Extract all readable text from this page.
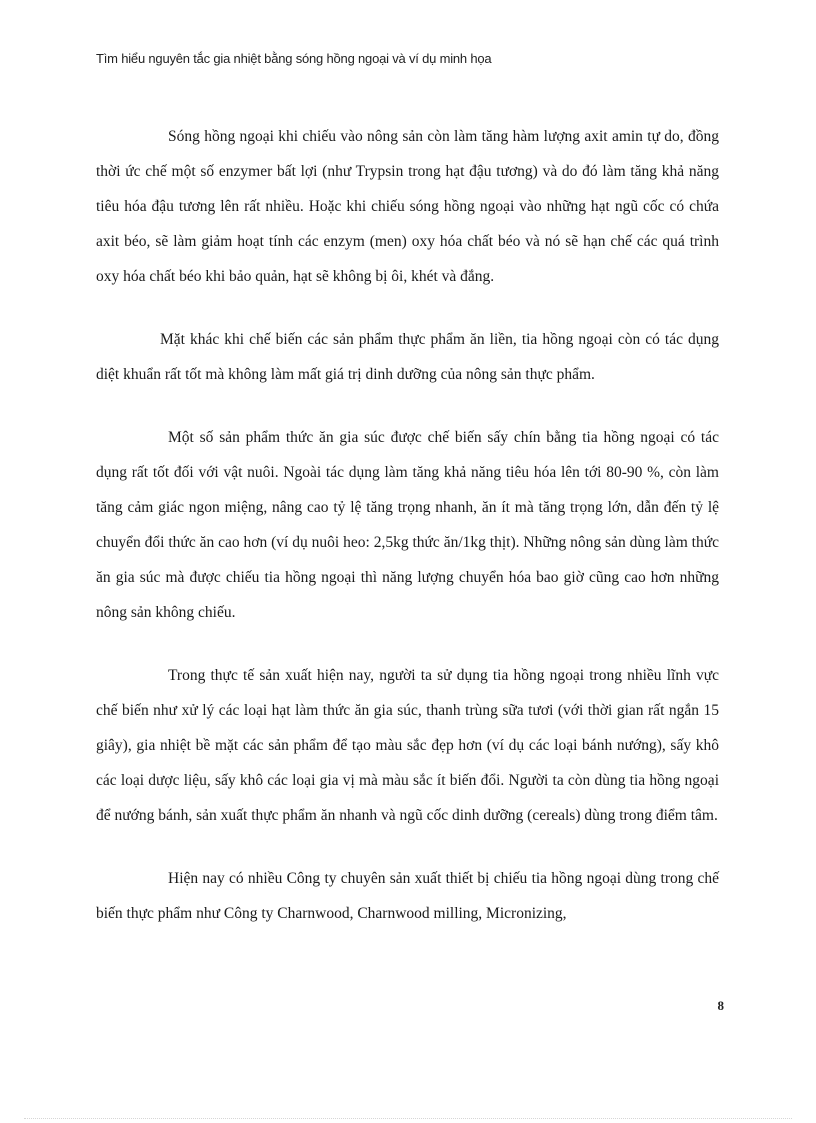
Tìm hiểu nguyên tắc gia nhiệt bằng sóng hồng ngoại và ví dụ minh họa

Sóng hồng ngoại khi chiếu vào nông sản còn làm tăng hàm lượng axit amin tự do, đồng thời ức chế một số enzymer bất lợi (như Trypsin trong hạt đậu tương) và do đó làm tăng khả năng tiêu hóa đậu tương lên rất nhiều. Hoặc khi chiếu sóng hồng ngoại vào những hạt ngũ cốc có chứa axit béo, sẽ làm giảm hoạt tính các enzym (men) oxy hóa chất béo và nó sẽ hạn chế các quá trình oxy hóa chất béo khi bảo quản, hạt sẽ không bị ôi, khét và đắng.

Mặt khác khi chế biến các sản phẩm thực phẩm ăn liền, tia hồng ngoại còn có tác dụng diệt khuẩn rất tốt mà không làm mất giá trị dinh dưỡng của nông sản thực phẩm.

Một số sản phẩm thức ăn gia súc được chế biến sấy chín bằng tia hồng ngoại có tác dụng rất tốt đối với vật nuôi. Ngoài tác dụng làm tăng khả năng tiêu hóa lên tới 80-90 %, còn làm tăng cảm giác ngon miệng, nâng cao tỷ lệ tăng trọng nhanh, ăn ít mà tăng trọng lớn, dẫn đến tỷ lệ chuyển đổi thức ăn cao hơn (ví dụ nuôi heo: 2,5kg thức ăn/1kg thịt). Những nông sản dùng làm thức ăn gia súc mà được chiếu tia hồng ngoại thì năng lượng chuyển hóa bao giờ cũng cao hơn những nông sản không chiếu.

Trong thực tế sản xuất hiện nay, người ta sử dụng tia hồng ngoại trong nhiều lĩnh vực chế biến như xử lý các loại hạt làm thức ăn gia súc, thanh trùng sữa tươi (với thời gian rất ngắn 15 giây), gia nhiệt bề mặt các sản phẩm để tạo màu sắc đẹp hơn (ví dụ các loại bánh nướng), sấy khô các loại dược liệu, sấy khô các loại gia vị mà màu sắc ít biến đổi. Người ta còn dùng tia hồng ngoại để nướng bánh, sản xuất thực phẩm ăn nhanh và ngũ cốc dinh dưỡng (cereals) dùng trong điểm tâm.

Hiện nay có nhiều Công ty chuyên sản xuất thiết bị chiếu tia hồng ngoại dùng trong chế biến thực phẩm như Công ty Charnwood, Charnwood milling, Micronizing,

8
